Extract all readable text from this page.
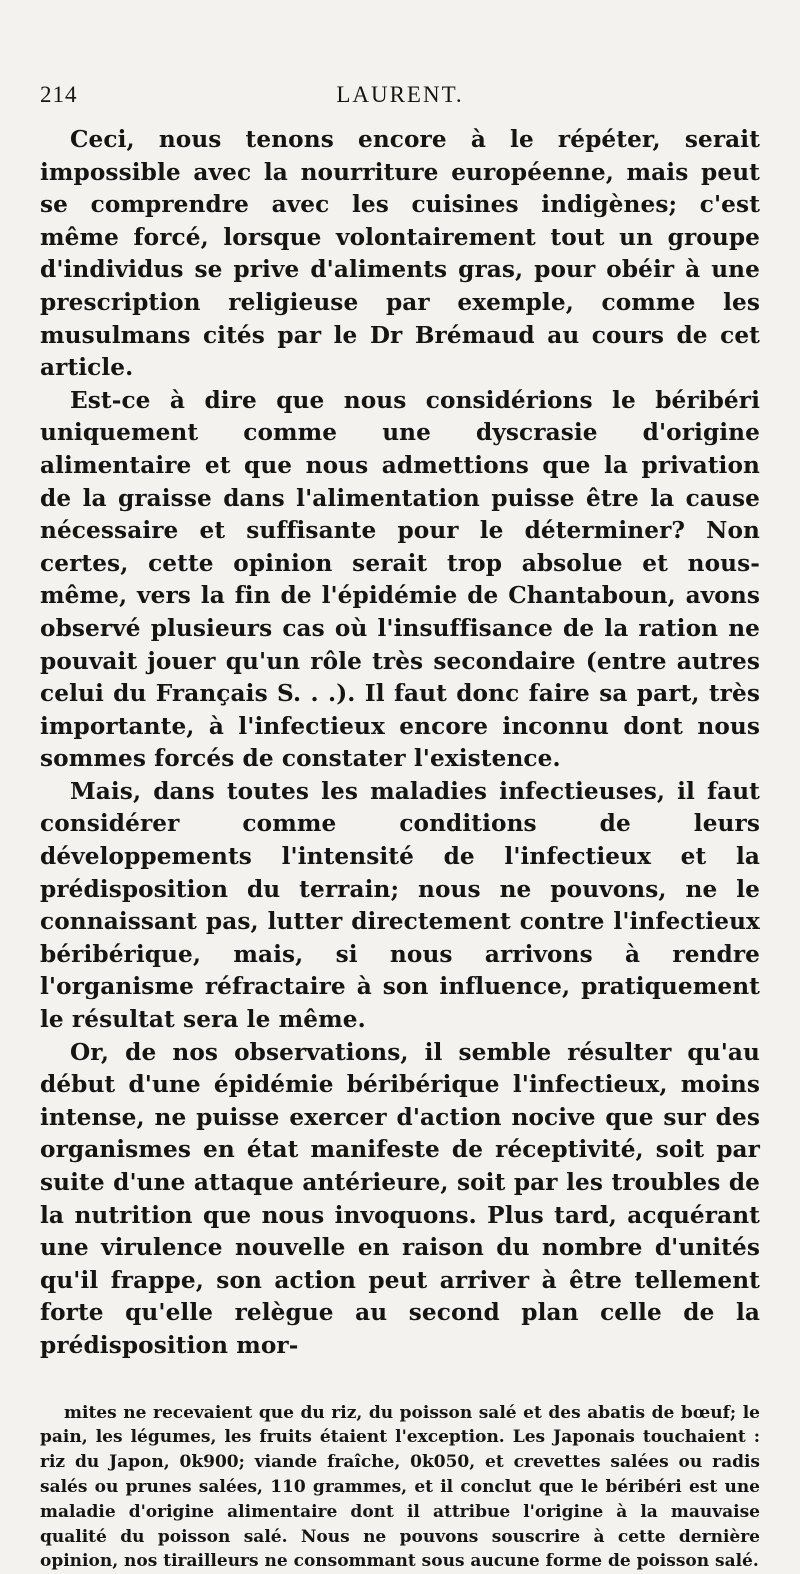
214	LAURENT.

Ceci, nous tenons encore à le répéter, serait impossible avec la nourriture européenne, mais peut se comprendre avec les cuisines indigènes; c'est même forcé, lorsque volontairement tout un groupe d'individus se prive d'aliments gras, pour obéir à une prescription religieuse par exemple, comme les musulmans cités par le Dr Brémaud au cours de cet article.

Est-ce à dire que nous considérions le béribéri uniquement comme une dyscrasie d'origine alimentaire et que nous admettions que la privation de la graisse dans l'alimentation puisse être la cause nécessaire et suffisante pour le déterminer? Non certes, cette opinion serait trop absolue et nous-même, vers la fin de l'épidémie de Chantaboun, avons observé plusieurs cas où l'insuffisance de la ration ne pouvait jouer qu'un rôle très secondaire (entre autres celui du Français S. . .). Il faut donc faire sa part, très importante, à l'infectieux encore inconnu dont nous sommes forcés de constater l'existence.

Mais, dans toutes les maladies infectieuses, il faut considérer comme conditions de leurs développements l'intensité de l'infectieux et la prédisposition du terrain; nous ne pouvons, ne le connaissant pas, lutter directement contre l'infectieux béribérique, mais, si nous arrivons à rendre l'organisme réfractaire à son influence, pratiquement le résultat sera le même.

Or, de nos observations, il semble résulter qu'au début d'une épidémie béribérique l'infectieux, moins intense, ne puisse exercer d'action nocive que sur des organismes en état manifeste de réceptivité, soit par suite d'une attaque antérieure, soit par les troubles de la nutrition que nous invoquons. Plus tard, acquérant une virulence nouvelle en raison du nombre d'unités qu'il frappe, son action peut arriver à être tellement forte qu'elle relègue au second plan celle de la prédisposition mor-

mites ne recevaient que du riz, du poisson salé et des abatis de bœuf; le pain, les légumes, les fruits étaient l'exception. Les Japonais touchaient : riz du Japon, 0k900; viande fraîche, 0k050, et crevettes salées ou radis salés ou prunes salées, 110 grammes, et il conclut que le béribéri est une maladie d'origine alimentaire dont il attribue l'origine à la mauvaise qualité du poisson salé. Nous ne pouvons souscrire à cette dernière opinion, nos tirailleurs ne consommant sous aucune forme de poisson salé.
